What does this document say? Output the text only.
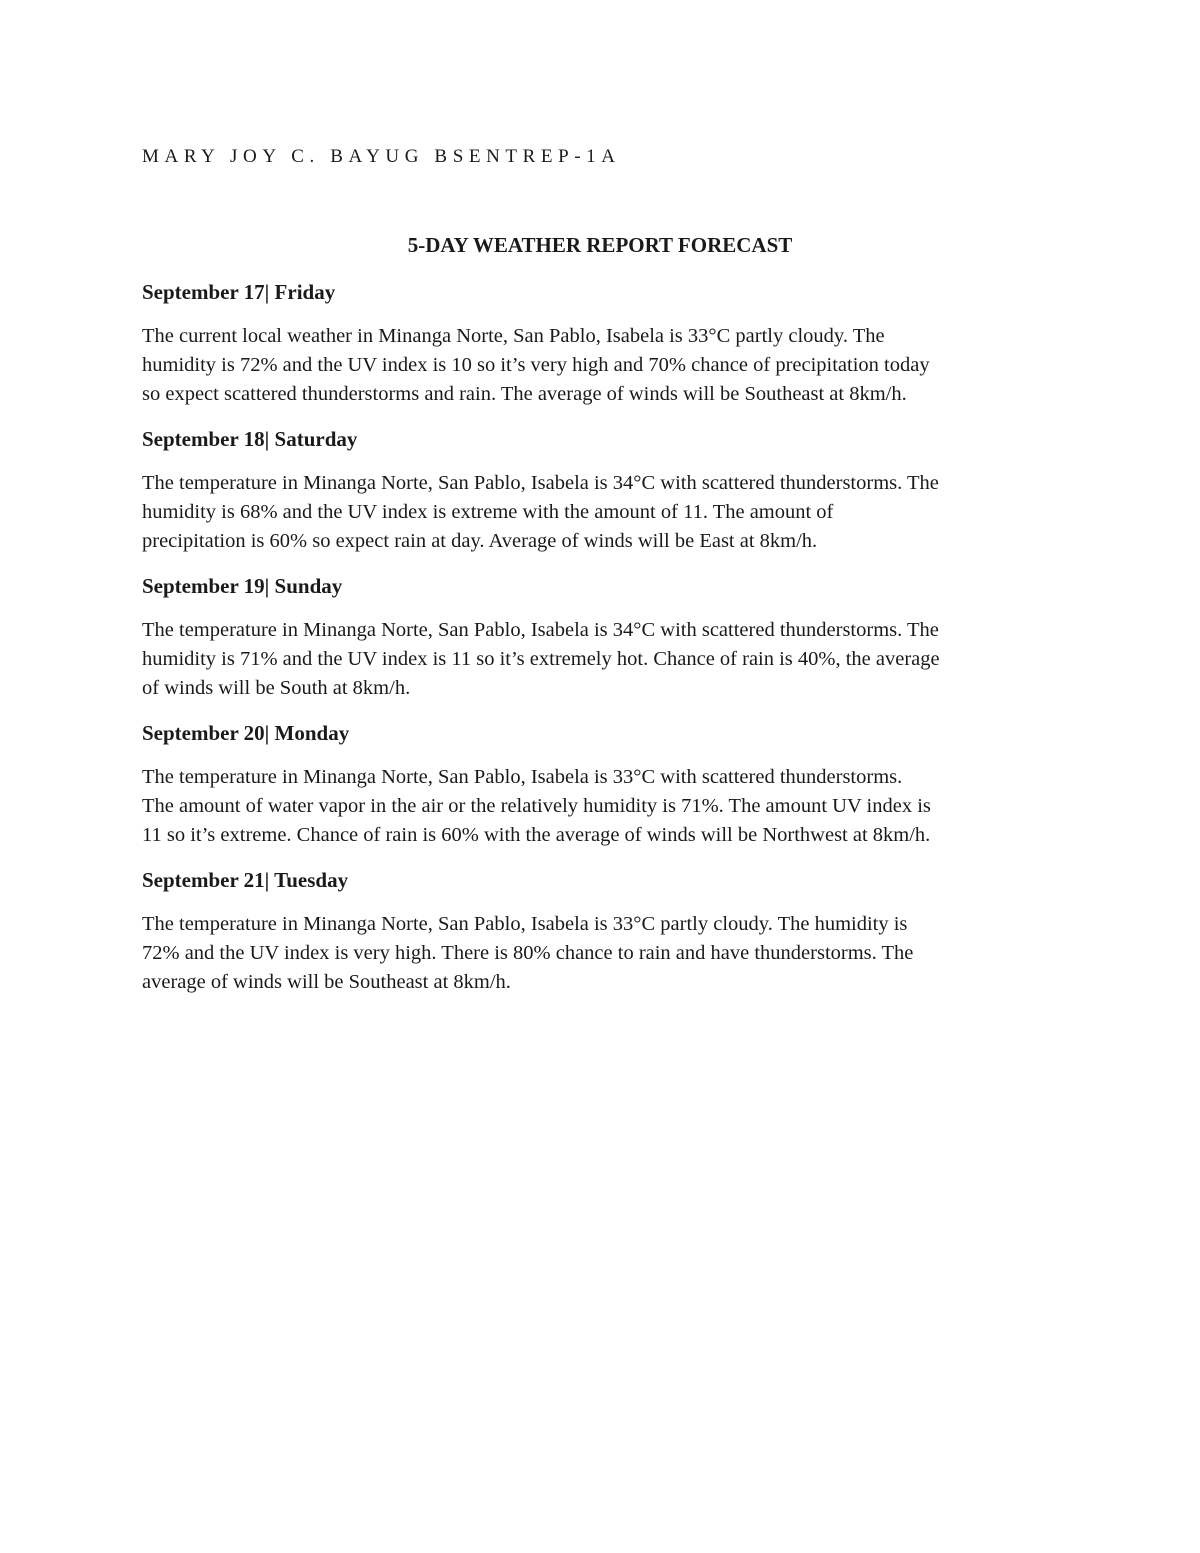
MARY JOY C. BAYUG BSENTREP-1A
5-DAY WEATHER REPORT FORECAST
September 17| Friday
The current local weather in Minanga Norte, San Pablo, Isabela is 33°C partly cloudy. The
humidity is 72% and the UV index is 10 so it’s very high and 70% chance of precipitation today
so expect scattered thunderstorms and rain. The average of winds will be Southeast at 8km/h.
September 18| Saturday
The temperature in Minanga Norte, San Pablo, Isabela is 34°C with scattered thunderstorms. The
humidity is 68% and the UV index is extreme with the amount of 11. The amount of
precipitation is 60% so expect rain at day. Average of winds will be East at 8km/h.
September 19| Sunday
The temperature in Minanga Norte, San Pablo, Isabela is 34°C with scattered thunderstorms. The
humidity is 71% and the UV index is 11 so it’s extremely hot. Chance of rain is 40%, the average
of winds will be South at 8km/h.
September 20| Monday
The temperature in Minanga Norte, San Pablo, Isabela is 33°C with scattered thunderstorms.
The amount of water vapor in the air or the relatively humidity is 71%. The amount UV index is
11 so it’s extreme. Chance of rain is 60% with the average of winds will be Northwest at 8km/h.
September 21| Tuesday
The temperature in Minanga Norte, San Pablo, Isabela is 33°C partly cloudy. The humidity is
72% and the UV index is very high. There is 80% chance to rain and have thunderstorms. The
average of winds will be Southeast at 8km/h.
